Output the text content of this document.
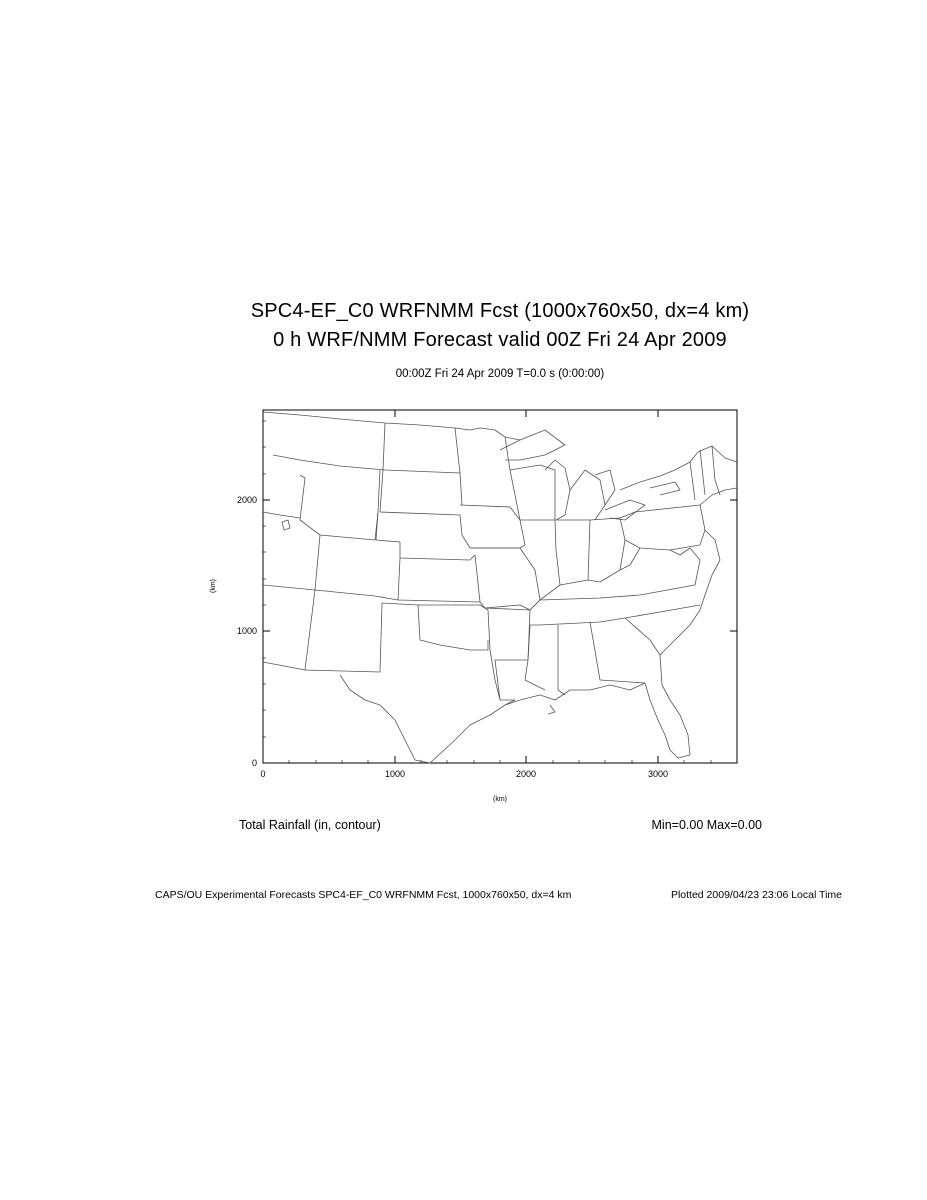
SPC4-EF_C0 WRFNMM Fcst (1000x760x50, dx=4 km)
0 h WRF/NMM Forecast valid 00Z Fri 24 Apr 2009
00:00Z Fri 24 Apr 2009 T=0.0 s (0:00:00)
0	1000	2000	3000
0
1000
2000
(km)
(km)
Total Rainfall (in, contour)	Min=0.00 Max=0.00
CAPS/OU Experimental Forecasts SPC4-EF_C0 WRFNMM Fcst, 1000x760x50, dx=4 km	Plotted 2009/04/23 23:06 Local Time
